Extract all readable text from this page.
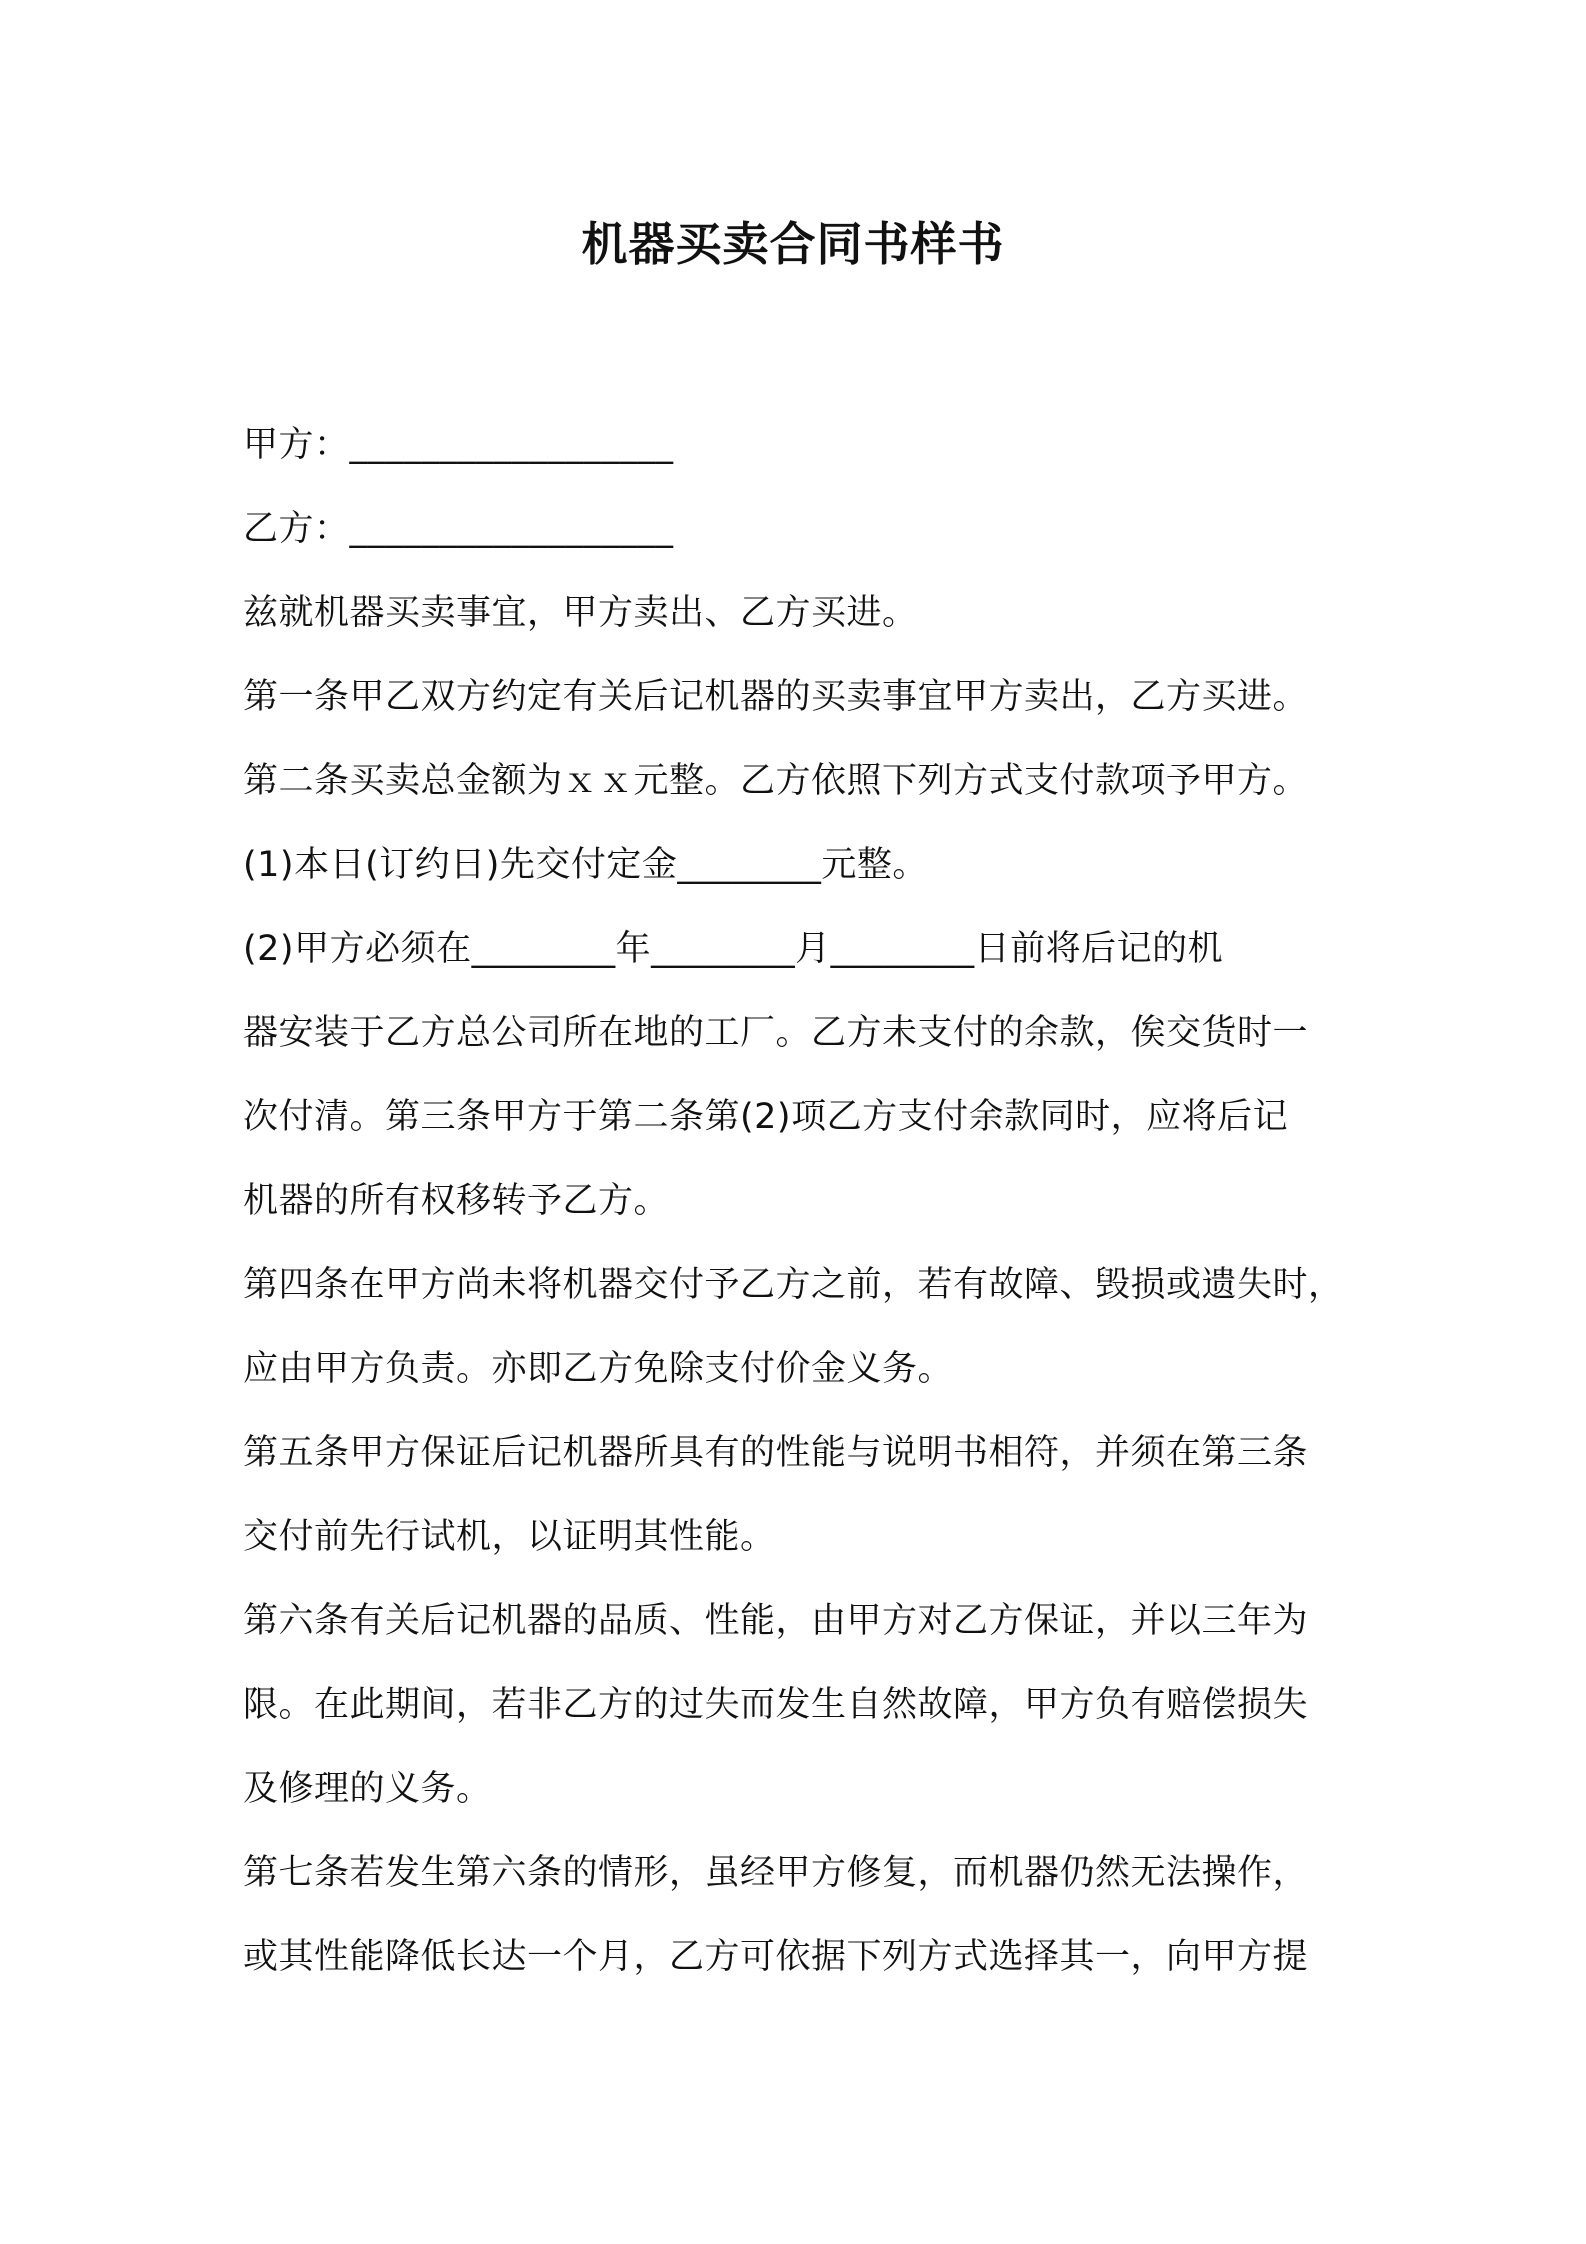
机器买卖合同书样书
甲方：__________________
乙方：__________________
兹就机器买卖事宜，甲方卖出、乙方买进。
第一条甲乙双方约定有关后记机器的买卖事宜甲方卖出，乙方买进。
第二条买卖总金额为ｘｘ元整。乙方依照下列方式支付款项予甲方。
(1)本日(订约日)先交付定金________元整。
(2)甲方必须在________年________月________日前将后记的机
器安装于乙方总公司所在地的工厂。乙方未支付的余款，俟交货时一
次付清。第三条甲方于第二条第(2)项乙方支付余款同时，应将后记
机器的所有权移转予乙方。
第四条在甲方尚未将机器交付予乙方之前，若有故障、毁损或遗失时，
应由甲方负责。亦即乙方免除支付价金义务。
第五条甲方保证后记机器所具有的性能与说明书相符，并须在第三条
交付前先行试机，以证明其性能。
第六条有关后记机器的品质、性能，由甲方对乙方保证，并以三年为
限。在此期间，若非乙方的过失而发生自然故障，甲方负有赔偿损失
及修理的义务。
第七条若发生第六条的情形，虽经甲方修复，而机器仍然无法操作，
或其性能降低长达一个月，乙方可依据下列方式选择其一，向甲方提
